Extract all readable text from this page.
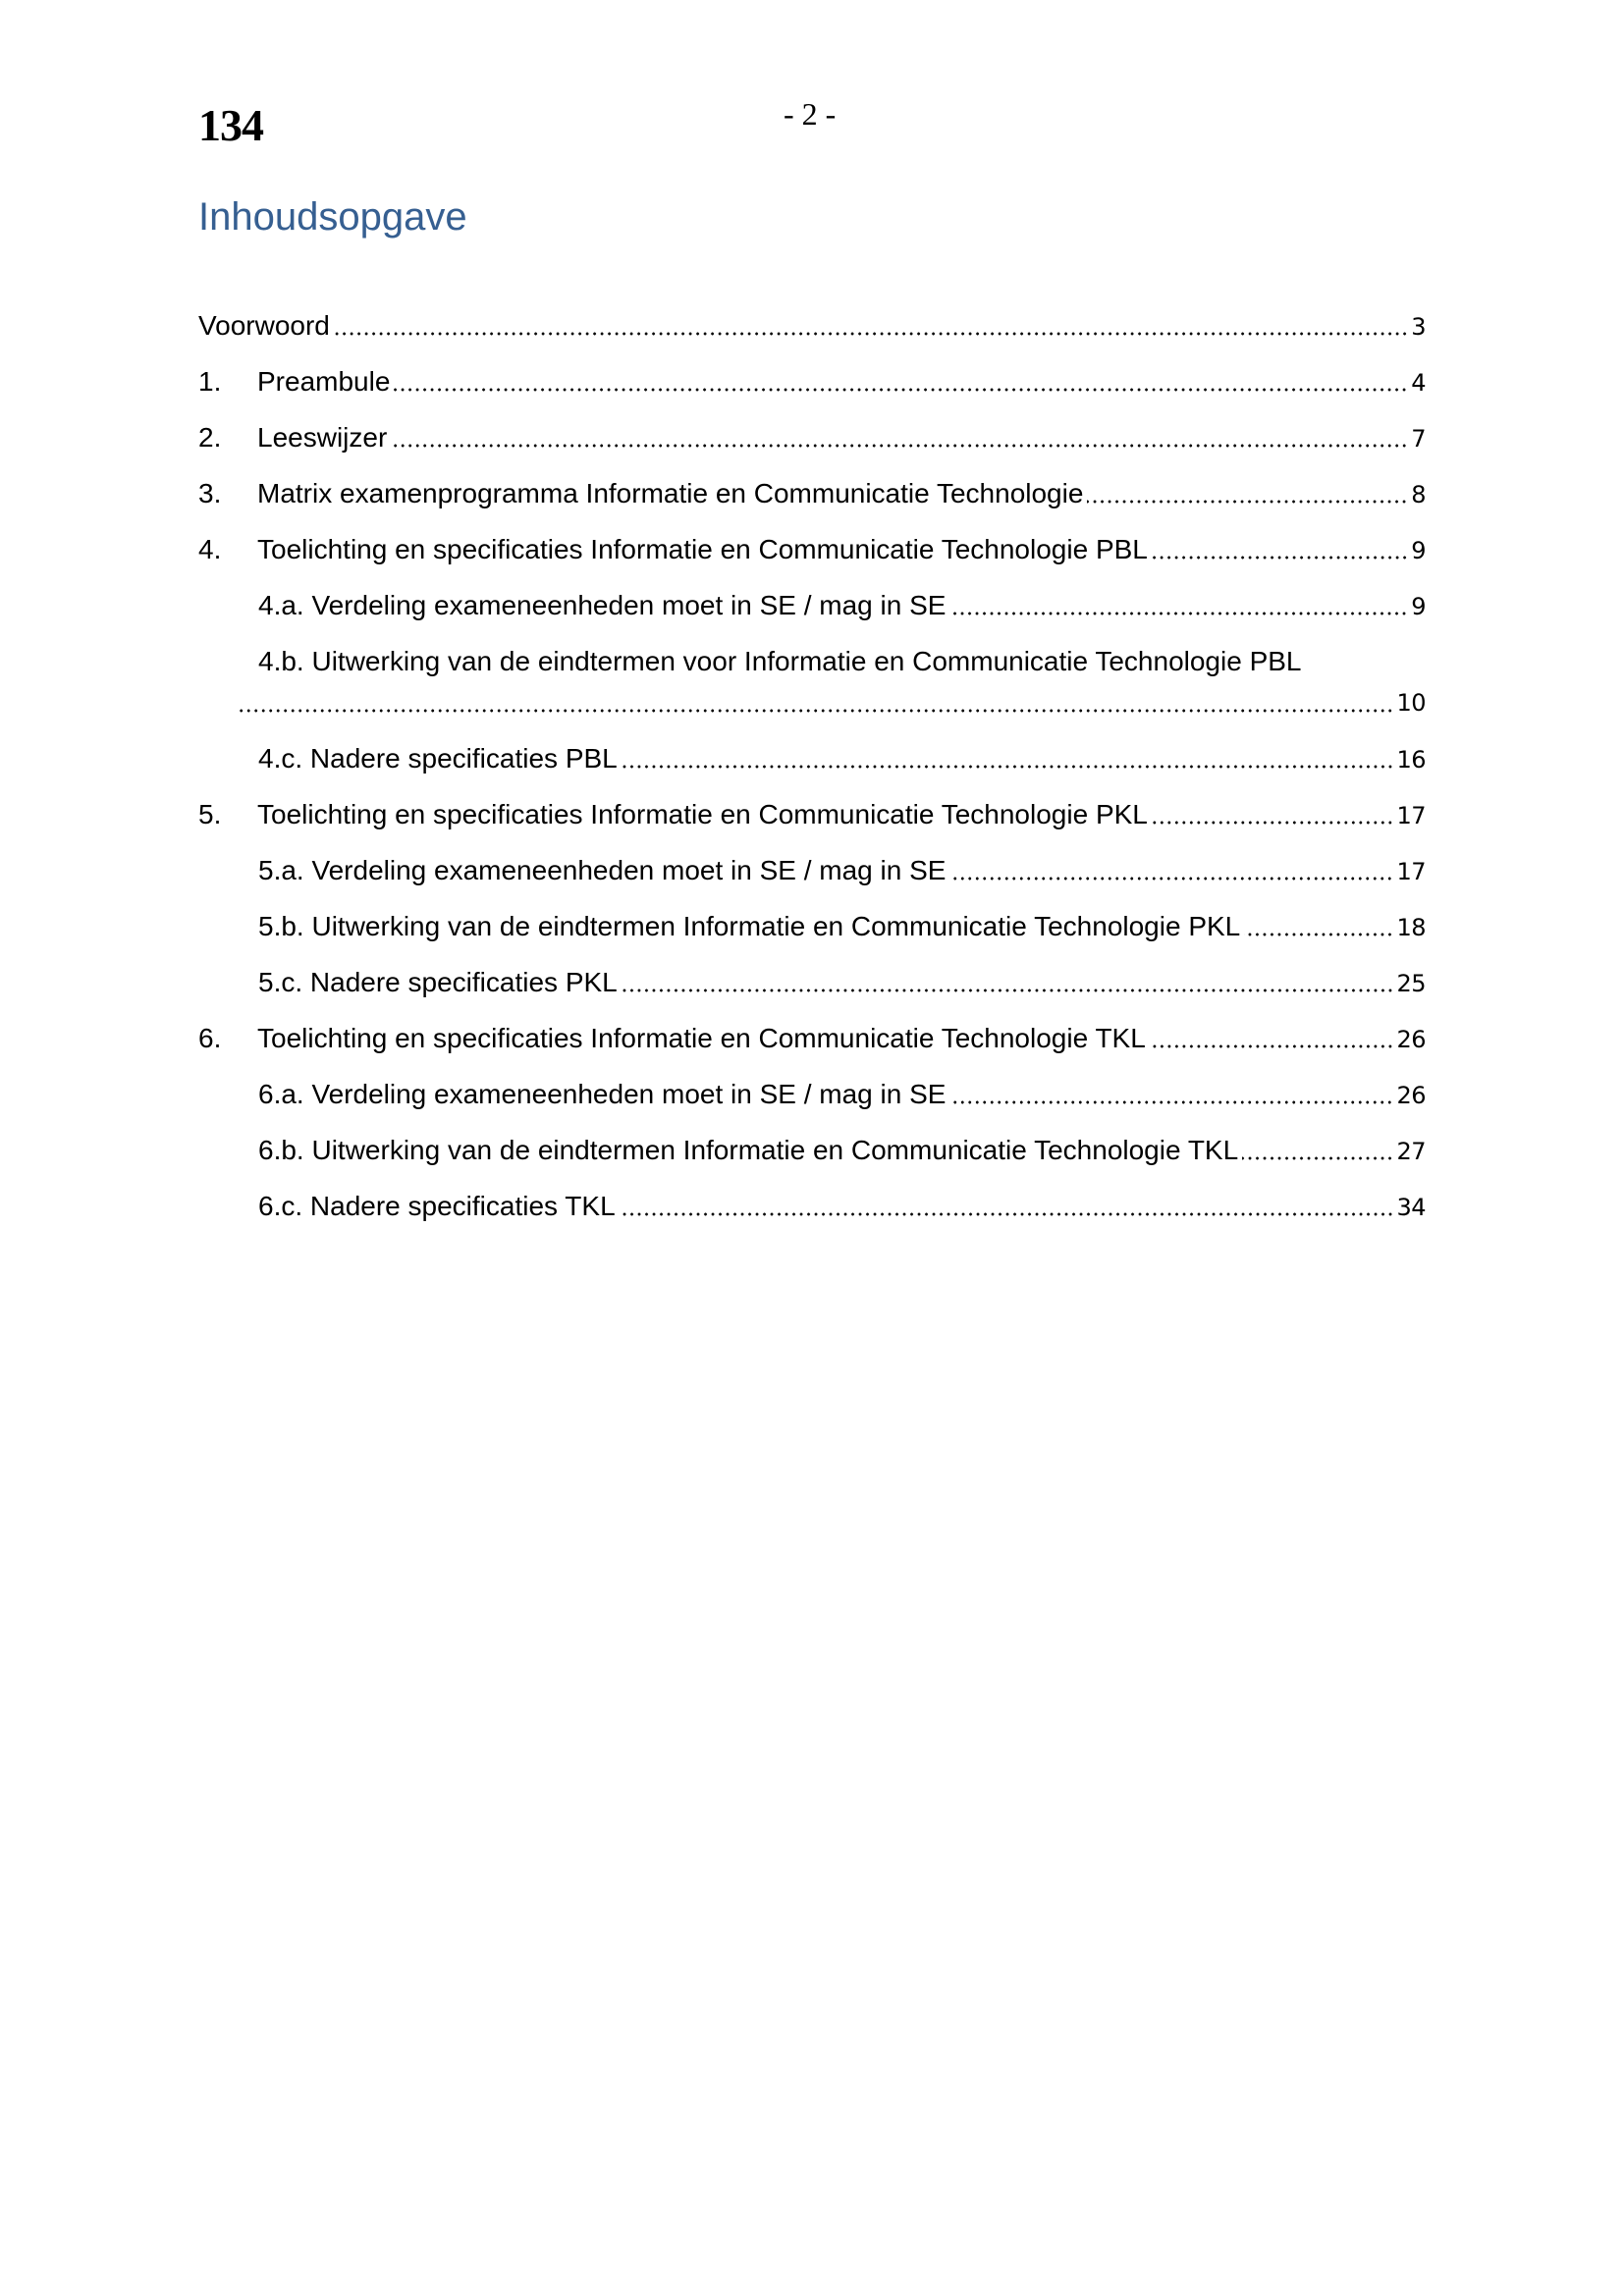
134	- 2 -
Inhoudsopgave
Voorwoord	3
1.	Preambule	4
2.	Leeswijzer	7
3.	Matrix examenprogramma Informatie en Communicatie Technologie	8
4.	Toelichting en specificaties Informatie en Communicatie Technologie PBL	9
4.a. Verdeling exameneenheden moet in SE / mag in SE	9
4.b. Uitwerking van de eindtermen voor Informatie en Communicatie Technologie PBL
10
4.c. Nadere specificaties PBL	16
5.	Toelichting en specificaties Informatie en Communicatie Technologie PKL	17
5.a. Verdeling exameneenheden moet in SE / mag in SE	17
5.b. Uitwerking van de eindtermen Informatie en Communicatie Technologie PKL	18
5.c. Nadere specificaties PKL	25
6.	Toelichting en specificaties Informatie en Communicatie Technologie TKL	26
6.a. Verdeling exameneenheden moet in SE / mag in SE	26
6.b. Uitwerking van de eindtermen Informatie en Communicatie Technologie TKL	27
6.c. Nadere specificaties TKL	34
